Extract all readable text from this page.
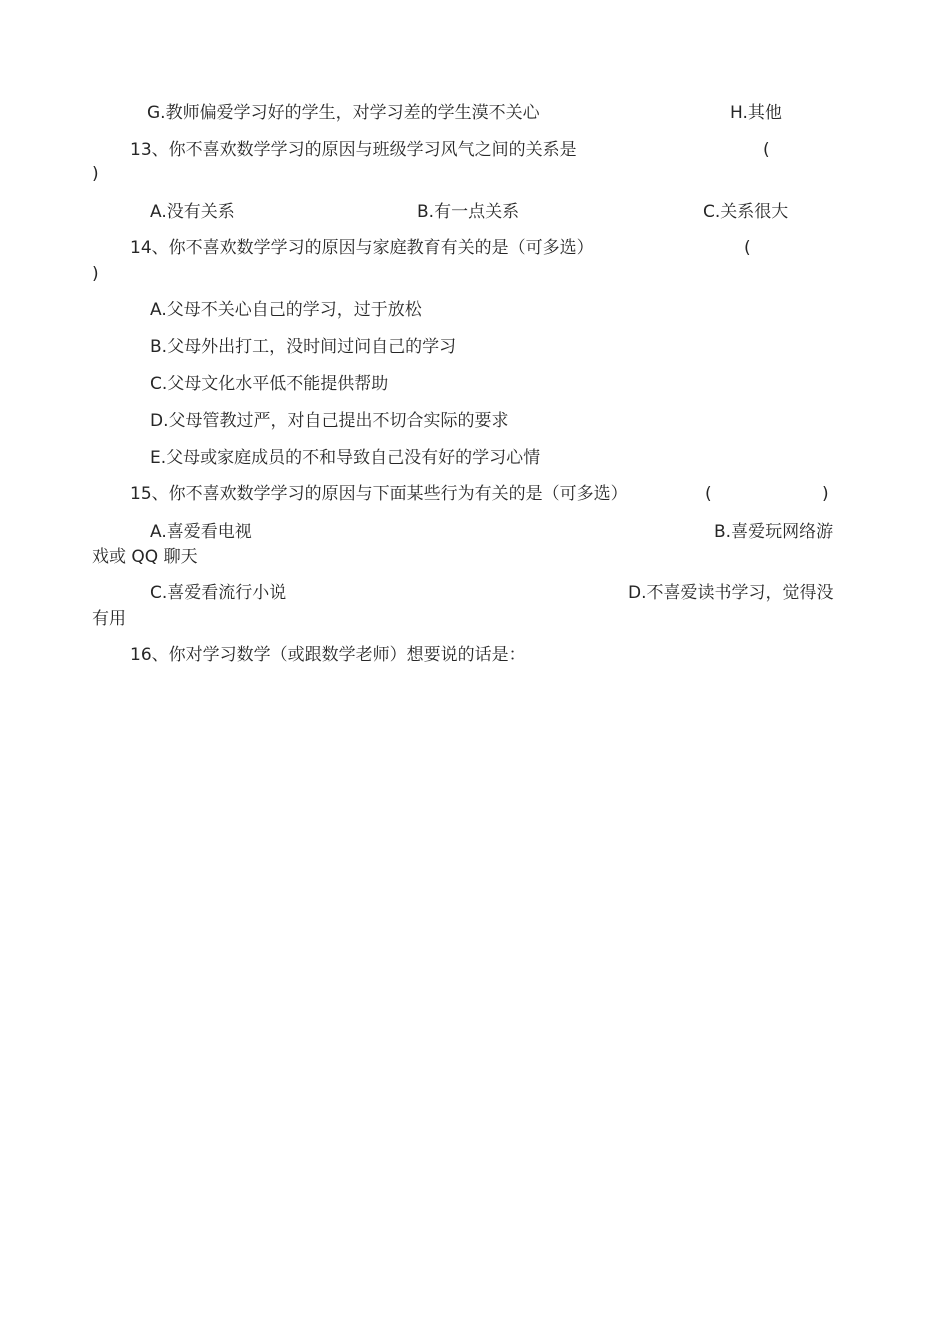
G.教师偏爱学习好的学生，对学习差的学生漠不关心	H.其他
13、你不喜欢数学学习的原因与班级学习风气之间的关系是	(
)
A.没有关系	B.有一点关系	C.关系很大
14、你不喜欢数学学习的原因与家庭教育有关的是（可多选）	(
)
A.父母不关心自己的学习，过于放松
B.父母外出打工，没时间过问自己的学习
C.父母文化水平低不能提供帮助
D.父母管教过严，对自己提出不切合实际的要求
E.父母或家庭成员的不和导致自己没有好的学习心情
15、你不喜欢数学学习的原因与下面某些行为有关的是（可多选）	(	)
A.喜爱看电视	B.喜爱玩网络游
戏或 QQ 聊天
C.喜爱看流行小说	D.不喜爱读书学习，觉得没
有用
16、你对学习数学（或跟数学老师）想要说的话是：
